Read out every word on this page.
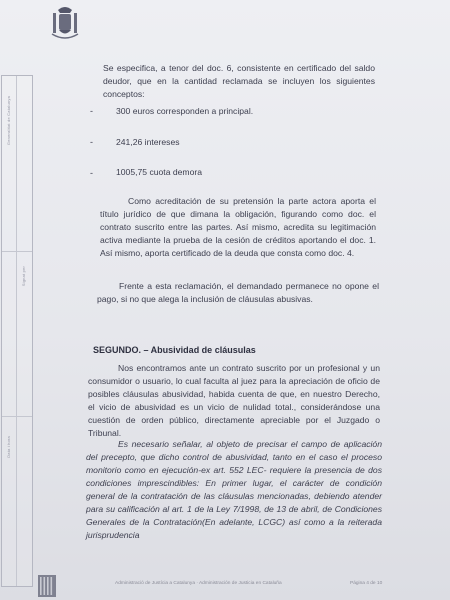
Generalitat de Catalunya
Signat per
Data i hora
Se especifica, a tenor del doc. 6, consistente en certificado del saldo deudor, que en la cantidad reclamada se incluyen los siguientes conceptos:
-	300 euros corresponden a principal.
-	241,26 intereses
-	1005,75 cuota demora
Como acreditación de su pretensión la parte actora aporta el título jurídico de que dimana la obligación, figurando como doc. el contrato suscrito entre las partes. Así mismo, acredita su legitimación activa mediante la prueba de la cesión de créditos aportando el doc. 1. Así mismo, aporta certificado de la deuda que consta como doc. 4.
Frente a esta reclamación, el demandado permanece no opone el pago, si no que alega la inclusión de cláusulas abusivas.
SEGUNDO. – Abusividad de cláusulas
Nos encontramos ante un contrato suscrito por un profesional y un consumidor o usuario, lo cual faculta al juez para la apreciación de oficio de posibles cláusulas abusividad, habida cuenta de que, en nuestro Derecho, el vicio de abusividad es un vicio de nulidad total., considerándose una cuestión de orden público, directamente apreciable por el Juzgado o Tribunal.
Es necesario señalar, al objeto de precisar el campo de aplicación del precepto, que dicho control de abusividad, tanto en el caso el proceso monitorio como en ejecución-ex art. 552 LEC- requiere la presencia de dos condiciones imprescindibles: En primer lugar, el carácter de condición general de la contratación de las cláusulas mencionadas, debiendo atender para su calificación al art. 1 de la Ley 7/1998, de 13 de abril, de Condiciones Generales de la Contratación(En adelante, LCGC) así como a la reiterada jurisprudencia
Administració de Justícia a Catalunya · Administración de Justicia en Cataluña	Página 4 de 10
